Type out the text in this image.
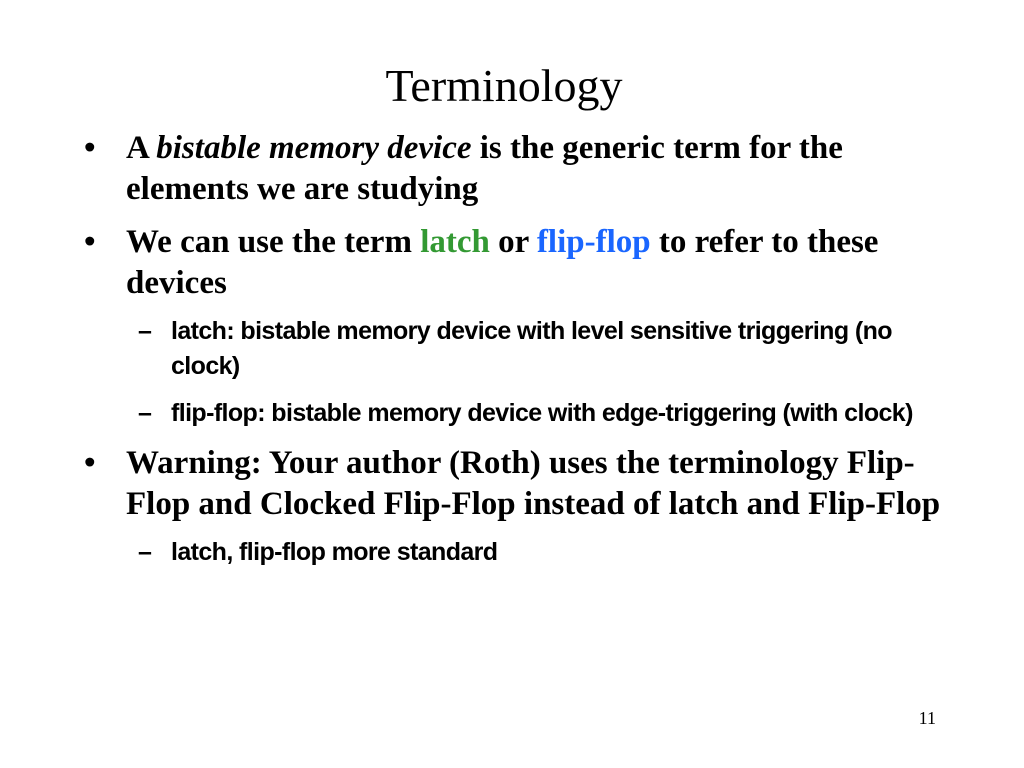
Terminology
• A bistable memory device is the generic term for the elements we are studying
• We can use the term latch or flip-flop to refer to these devices
– latch: bistable memory device with level sensitive triggering (no clock)
– flip-flop: bistable memory device with edge-triggering (with clock)
• Warning: Your author (Roth) uses the terminology Flip-Flop and Clocked Flip-Flop instead of latch and Flip-Flop
– latch, flip-flop more standard
11
